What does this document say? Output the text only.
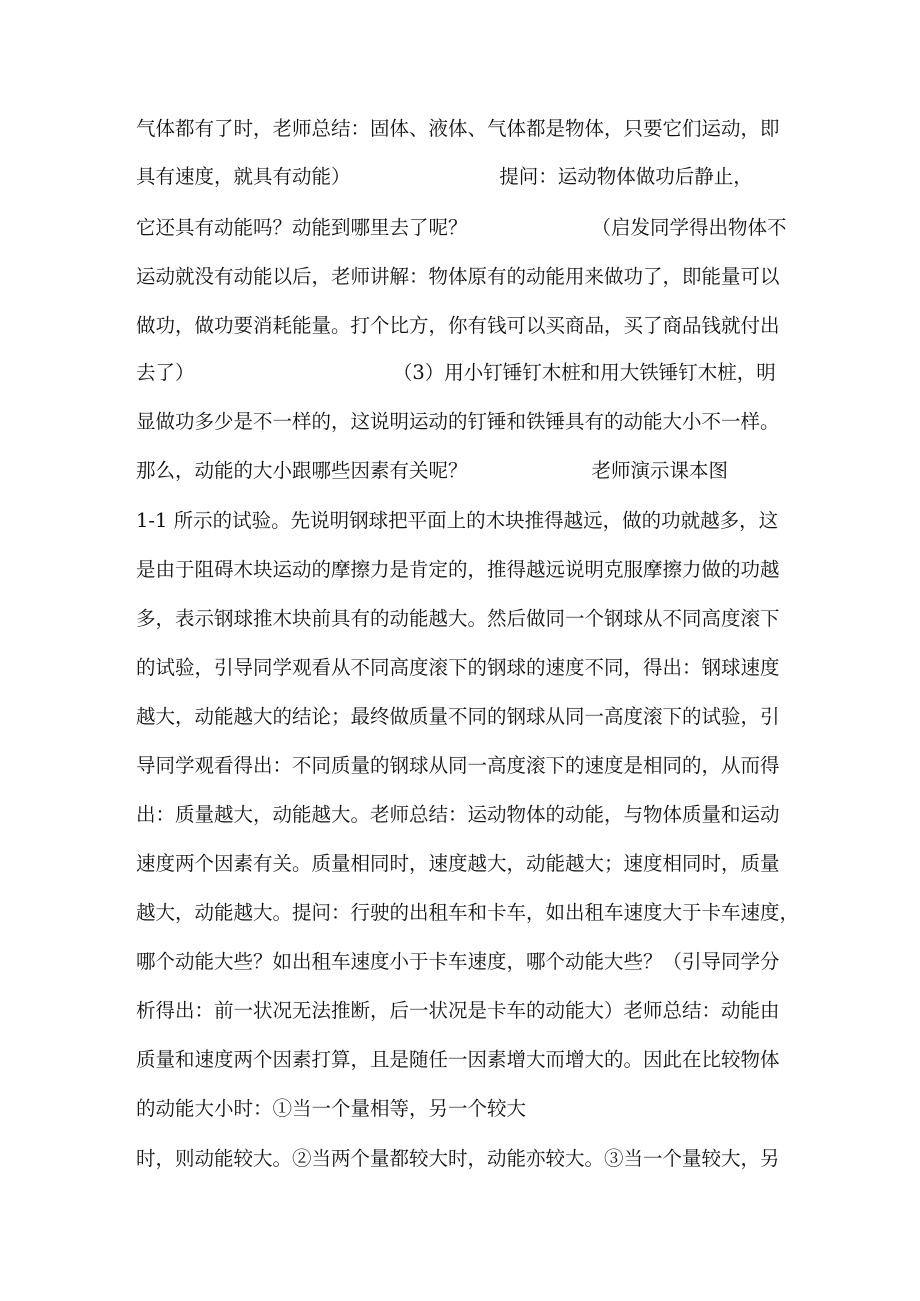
气体都有了时，老师总结：固体、液体、气体都是物体，只要它们运动，即
具有速度，就具有动能）                        提问：运动物体做功后静止，
它还具有动能吗？动能到哪里去了呢？                    （启发同学得出物体不
运动就没有动能以后，老师讲解：物体原有的动能用来做功了，即能量可以
做功，做功要消耗能量。打个比方，你有钱可以买商品，买了商品钱就付出
去了）                                （3）用小钉锤钉木桩和用大铁锤钉木桩，明
显做功多少是不一样的，这说明运动的钉锤和铁锤具有的动能大小不一样。
那么，动能的大小跟哪些因素有关呢？                    老师演示课本图
1-1 所示的试验。先说明钢球把平面上的木块推得越远，做的功就越多，这
是由于阻碍木块运动的摩擦力是肯定的，推得越远说明克服摩擦力做的功越
多，表示钢球推木块前具有的动能越大。然后做同一个钢球从不同高度滚下
的试验，引导同学观看从不同高度滚下的钢球的速度不同，得出：钢球速度
越大，动能越大的结论；最终做质量不同的钢球从同一高度滚下的试验，引
导同学观看得出：不同质量的钢球从同一高度滚下的速度是相同的，从而得
出：质量越大，动能越大。老师总结：运动物体的动能，与物体质量和运动
速度两个因素有关。质量相同时，速度越大，动能越大；速度相同时，质量
越大，动能越大。提问：行驶的出租车和卡车，如出租车速度大于卡车速度，
哪个动能大些？如出租车速度小于卡车速度，哪个动能大些？（引导同学分
析得出：前一状况无法推断，后一状况是卡车的动能大）老师总结：动能由
质量和速度两个因素打算，且是随任一因素增大而增大的。因此在比较物体
的动能大小时：①当一个量相等，另一个较大
时，则动能较大。②当两个量都较大时，动能亦较大。③当一个量较大，另
